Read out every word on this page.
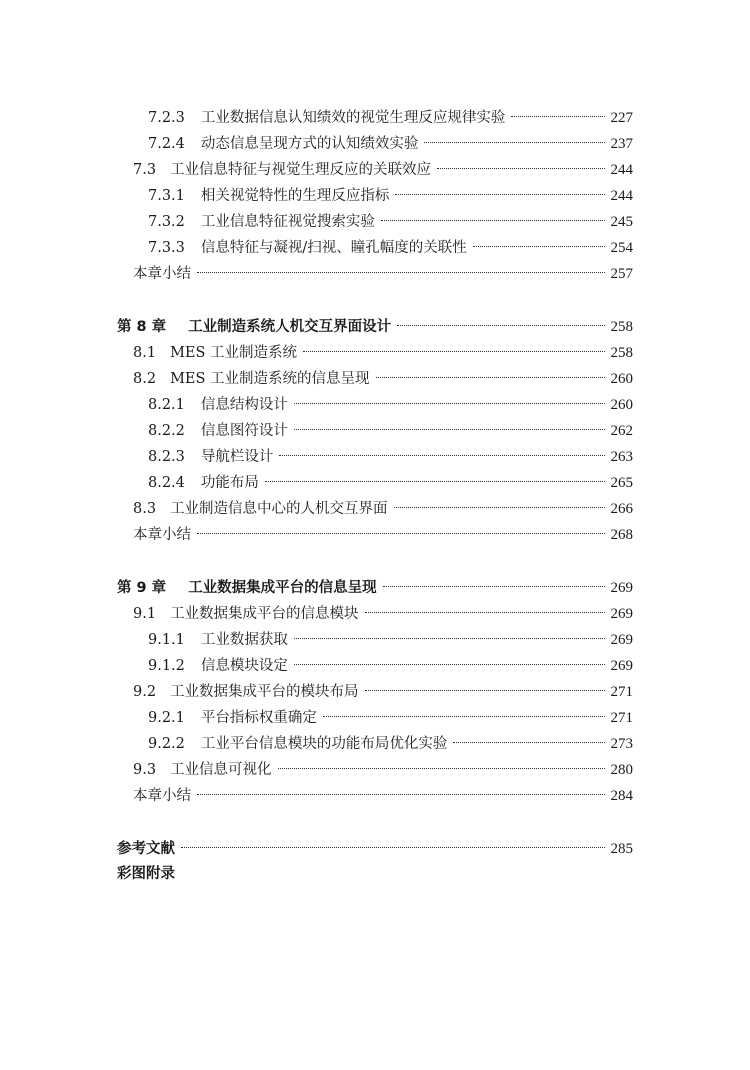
7.2.3 工业数据信息认知绩效的视觉生理反应规律实验	227
7.2.4 动态信息呈现方式的认知绩效实验	237
7.3 工业信息特征与视觉生理反应的关联效应	244
7.3.1 相关视觉特性的生理反应指标	244
7.3.2 工业信息特征视觉搜索实验	245
7.3.3 信息特征与凝视/扫视、瞳孔幅度的关联性	254
本章小结	257
第 8 章 工业制造系统人机交互界面设计	258
8.1 MES 工业制造系统	258
8.2 MES 工业制造系统的信息呈现	260
8.2.1 信息结构设计	260
8.2.2 信息图符设计	262
8.2.3 导航栏设计	263
8.2.4 功能布局	265
8.3 工业制造信息中心的人机交互界面	266
本章小结	268
第 9 章 工业数据集成平台的信息呈现	269
9.1 工业数据集成平台的信息模块	269
9.1.1 工业数据获取	269
9.1.2 信息模块设定	269
9.2 工业数据集成平台的模块布局	271
9.2.1 平台指标权重确定	271
9.2.2 工业平台信息模块的功能布局优化实验	273
9.3 工业信息可视化	280
本章小结	284
参考文献	285
彩图附录
